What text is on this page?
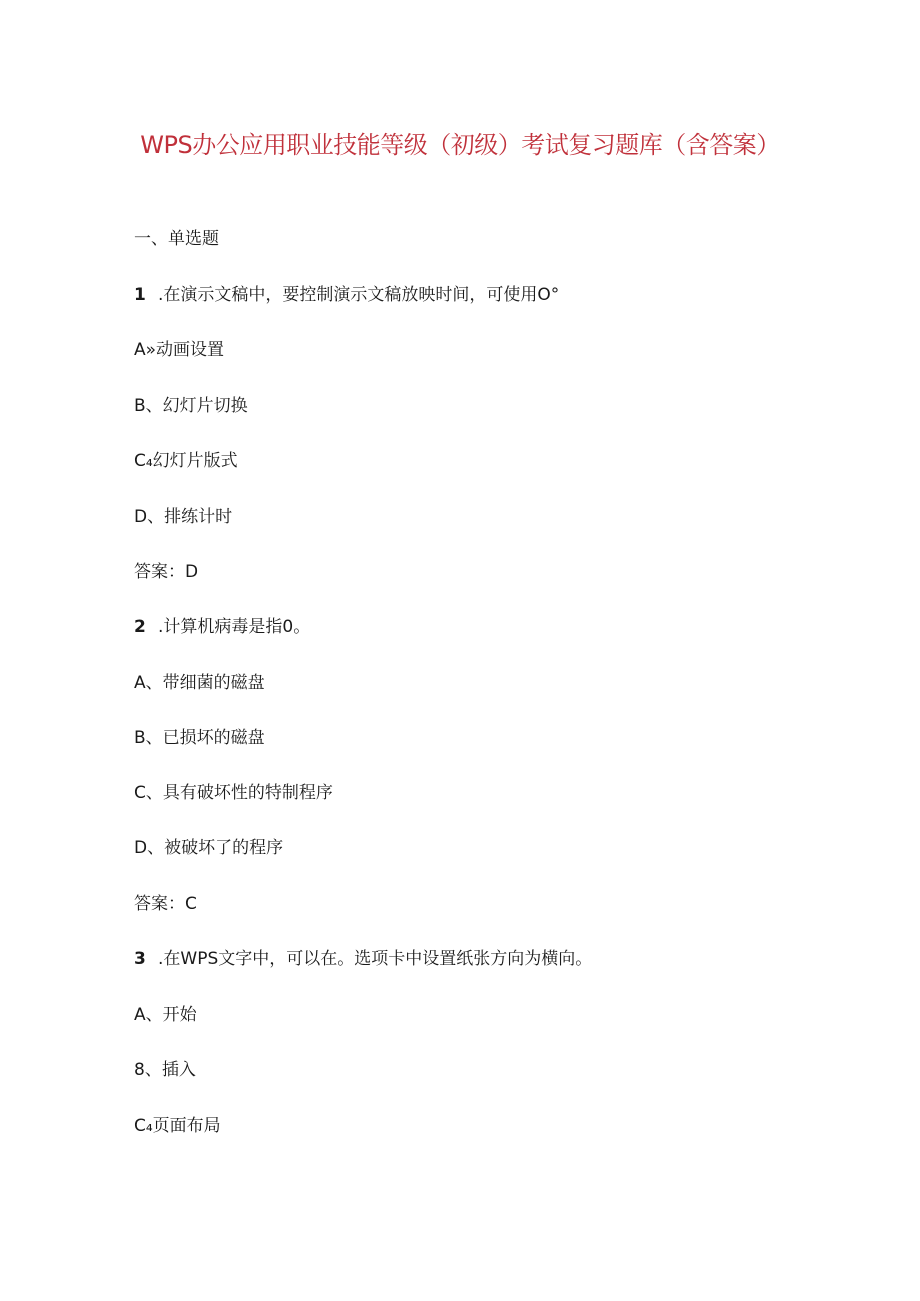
WPS办公应用职业技能等级（初级）考试复习题库（含答案）
一、单选题
1 .在演示文稿中，要控制演示文稿放映时间，可使用O°
A»动画设置
B、幻灯片切换
C₄幻灯片版式
D、排练计时
答案：D
2 .计算机病毒是指0。
A、带细菌的磁盘
B、已损坏的磁盘
C、具有破坏性的特制程序
D、被破坏了的程序
答案：C
3 .在WPS文字中，可以在。选项卡中设置纸张方向为横向。
A、开始
8、插入
C₄页面布局
